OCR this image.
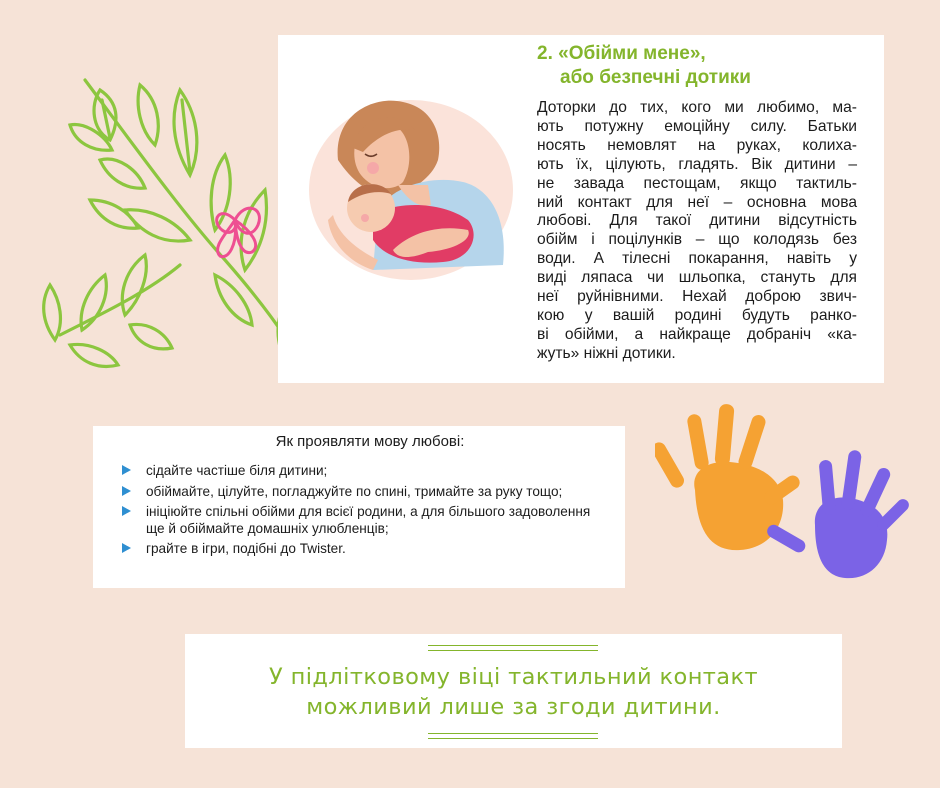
2. «Обійми мене»,
або безпечні дотики
Доторки до тих, кого ми любимо, ма-
ють потужну емоційну силу. Батьки
носять немовлят на руках, колиха-
ють їх, цілують, гладять. Вік дитини –
не завада пестощам, якщо тактиль-
ний контакт для неї – основна мова
любові. Для такої дитини відсутність
обійм і поцілунків – що колодязь без
води. А тілесні покарання, навіть у
виді ляпаса чи шльопка, стануть для
неї руйнівними. Нехай доброю звич-
кою у вашій родині будуть ранко-
ві обійми, а найкраще добраніч «ка-
жуть» ніжні дотики.
Як проявляти мову любові:
сідайте частіше біля дитини;
обіймайте, цілуйте, погладжуйте по спині, тримайте за руку тощо;
ініціюйте спільні обійми для всієї родини, а для більшого задоволення ще й обіймайте домашніх улюбленців;
грайте в ігри, подібні до Twister.
У підлітковому віці тактильний контакт
можливий лише за згоди дитини.
